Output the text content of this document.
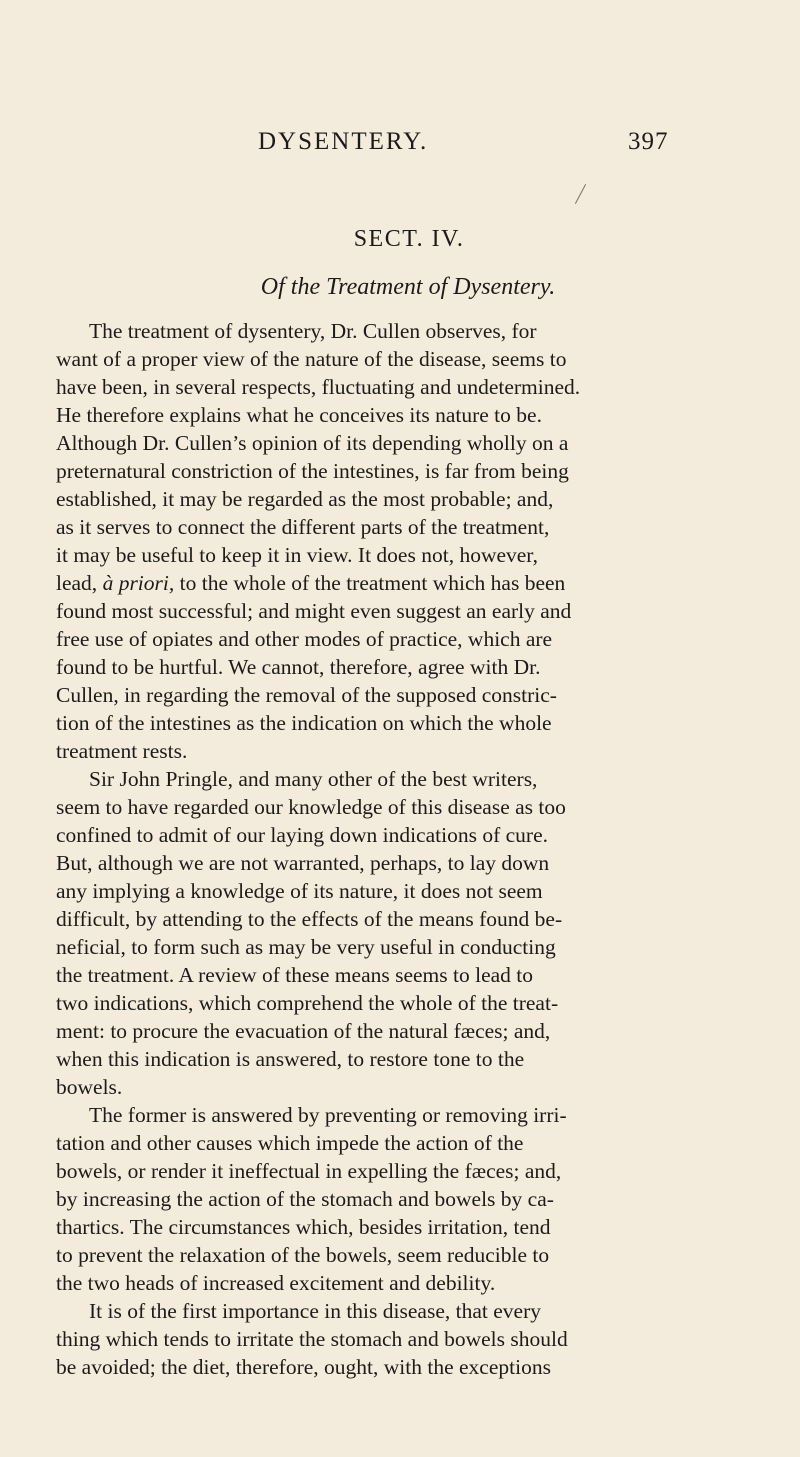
DYSENTERY.	397
SECT. IV.
Of the Treatment of Dysentery.
The treatment of dysentery, Dr. Cullen observes, for
want of a proper view of the nature of the disease, seems to
have been, in several respects, fluctuating and undetermined.
He therefore explains what he conceives its nature to be.
Although Dr. Cullen’s opinion of its depending wholly on a
preternatural constriction of the intestines, is far from being
established, it may be regarded as the most probable; and,
as it serves to connect the different parts of the treatment,
it may be useful to keep it in view. It does not, however,
lead, à priori, to the whole of the treatment which has been
found most successful; and might even suggest an early and
free use of opiates and other modes of practice, which are
found to be hurtful. We cannot, therefore, agree with Dr.
Cullen, in regarding the removal of the supposed constric-
tion of the intestines as the indication on which the whole
treatment rests.
Sir John Pringle, and many other of the best writers,
seem to have regarded our knowledge of this disease as too
confined to admit of our laying down indications of cure.
But, although we are not warranted, perhaps, to lay down
any implying a knowledge of its nature, it does not seem
difficult, by attending to the effects of the means found be-
neficial, to form such as may be very useful in conducting
the treatment. A review of these means seems to lead to
two indications, which comprehend the whole of the treat-
ment: to procure the evacuation of the natural fæces; and,
when this indication is answered, to restore tone to the
bowels.
The former is answered by preventing or removing irri-
tation and other causes which impede the action of the
bowels, or render it ineffectual in expelling the fæces; and,
by increasing the action of the stomach and bowels by ca-
thartics. The circumstances which, besides irritation, tend
to prevent the relaxation of the bowels, seem reducible to
the two heads of increased excitement and debility.
It is of the first importance in this disease, that every
thing which tends to irritate the stomach and bowels should
be avoided; the diet, therefore, ought, with the exceptions
